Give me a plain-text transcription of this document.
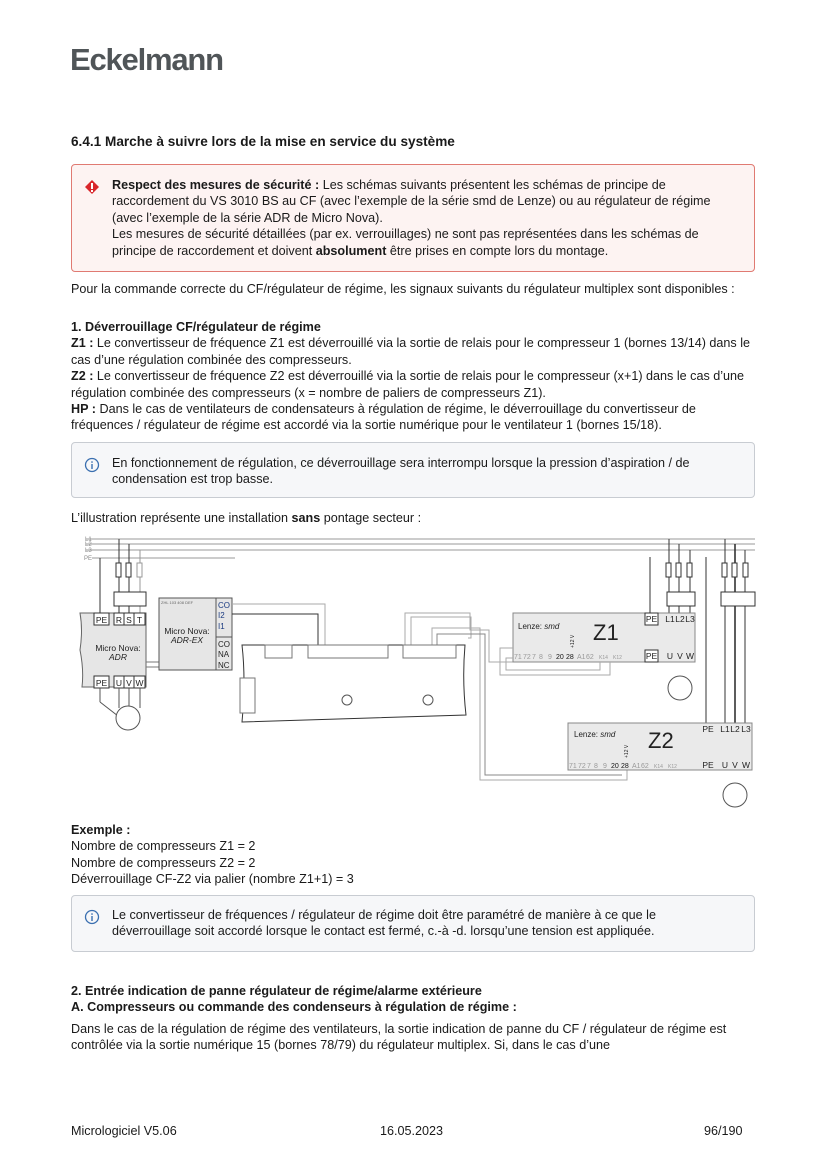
Eckelmann
6.4.1 Marche à suivre lors de la mise en service du système
Respect des mesures de sécurité : Les schémas suivants présentent les schémas de principe de raccordement du VS 3010 BS au CF (avec l’exemple de la série smd de Lenze) ou au régulateur de régime (avec l’exemple de la série ADR de Micro Nova).
Les mesures de sécurité détaillées (par ex. verrouillages) ne sont pas représentées dans les schémas de principe de raccordement et doivent absolument être prises en compte lors du montage.
Pour la commande correcte du CF/régulateur de régime, les signaux suivants du régulateur multiplex sont disponibles :
1. Déverrouillage CF/régulateur de régime
Z1 : Le convertisseur de fréquence Z1 est déverrouillé via la sortie de relais pour le compresseur 1 (bornes 13/14) dans le cas d’une régulation combinée des compresseurs.
Z2 : Le convertisseur de fréquence Z2 est déverrouillé via la sortie de relais pour le compresseur (x+1) dans le cas d’une régulation combinée des compresseurs (x = nombre de paliers de compresseurs Z1).
HP : Dans le cas de ventilateurs de condensateurs à régulation de régime, le déverrouillage du convertisseur de fréquences / régulateur de régime est accordé via la sortie numérique pour le ventilateur 1 (bornes 15/18).
En fonctionnement de régulation, ce déverrouillage sera interrompu lorsque la pression d’aspiration / de condensation est trop basse.
L’illustration représente une installation sans pontage secteur :
L1
L2
L3
PE
PE R S T
PE U V W
Micro Nova:
ADR
CO
I2
I1
CO
NA
NC
ZHL 103 408 DEF
Micro Nova:
ADR-EX
Lenze: smd Z1
+12 V
PE L1 L2 L3
PE U V W
Lenze: smd Z2
+12 V
PE L1 L2 L3
PE U V W
71 72 7 8 9 20 28 A1 62 K14 K12
71 72 7 8 9 20 28 A1 62 K14 K12
Exemple :
Nombre de compresseurs Z1 = 2
Nombre de compresseurs Z2 = 2
Déverrouillage CF-Z2 via palier (nombre Z1+1) = 3
Le convertisseur de fréquences / régulateur de régime doit être paramétré de manière à ce que le déverrouillage soit accordé lorsque le contact est fermé, c.-à -d. lorsqu’une tension est appliquée.
2. Entrée indication de panne régulateur de régime/alarme extérieure
A. Compresseurs ou commande des condenseurs à régulation de régime :
Dans le cas de la régulation de régime des ventilateurs, la sortie indication de panne du CF / régulateur de régime est contrôlée via la sortie numérique 15 (bornes 78/79) du régulateur multiplex. Si, dans le cas d’une
Micrologiciel V5.06	16.05.2023	96/190
